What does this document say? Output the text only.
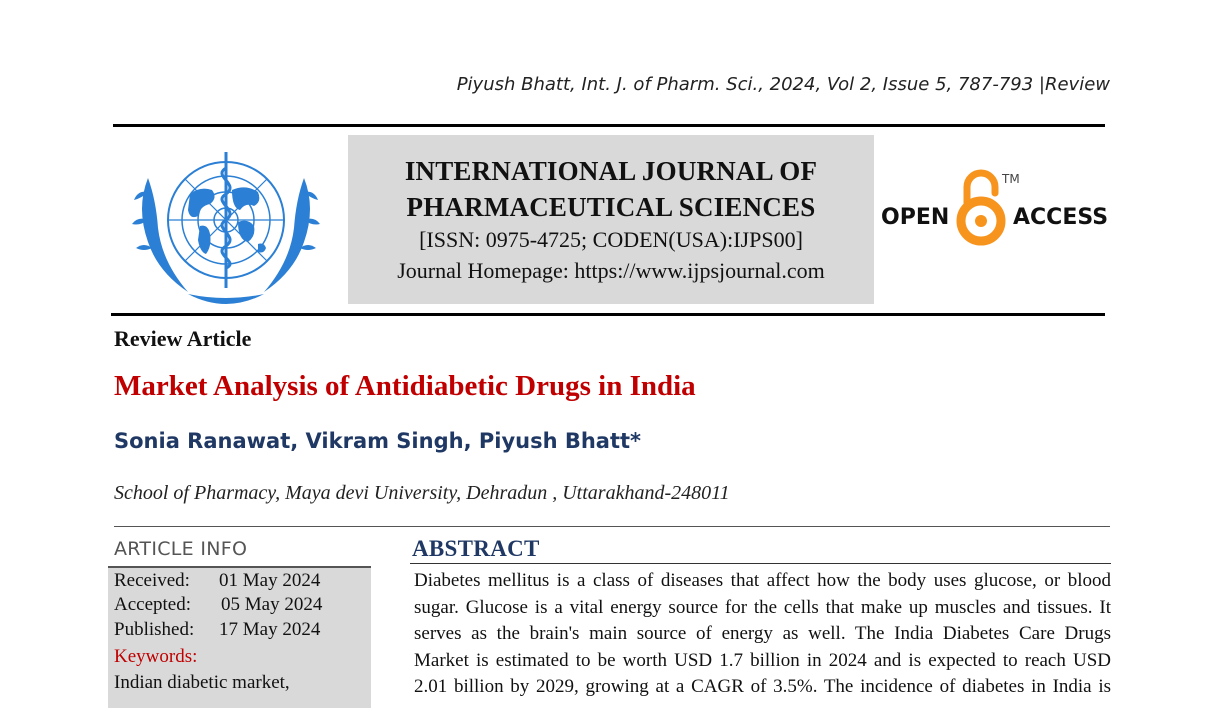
Piyush Bhatt, Int. J. of Pharm. Sci., 2024, Vol 2, Issue 5, 787-793 |Review
INTERNATIONAL JOURNAL OF
PHARMACEUTICAL SCIENCES
[ISSN: 0975-4725; CODEN(USA):IJPS00]
Journal Homepage: https://www.ijpsjournal.com
OPEN	ACCESS
TM
Review Article
Market Analysis of Antidiabetic Drugs in India
Sonia Ranawat, Vikram Singh, Piyush Bhatt*
School of Pharmacy, Maya devi University, Dehradun , Uttarakhand-248011
ARTICLE INFO
Received: 01 May 2024
Accepted: 05 May 2024
Published: 17 May 2024
Keywords:
Indian diabetic market,
ABSTRACT
Diabetes mellitus is a class of diseases that affect how the body uses glucose, or blood
sugar. Glucose is a vital energy source for the cells that make up muscles and tissues. It
serves as the brain's main source of energy as well. The India Diabetes Care Drugs
Market is estimated to be worth USD 1.7 billion in 2024 and is expected to reach USD
2.01 billion by 2029, growing at a CAGR of 3.5%. The incidence of diabetes in India is
